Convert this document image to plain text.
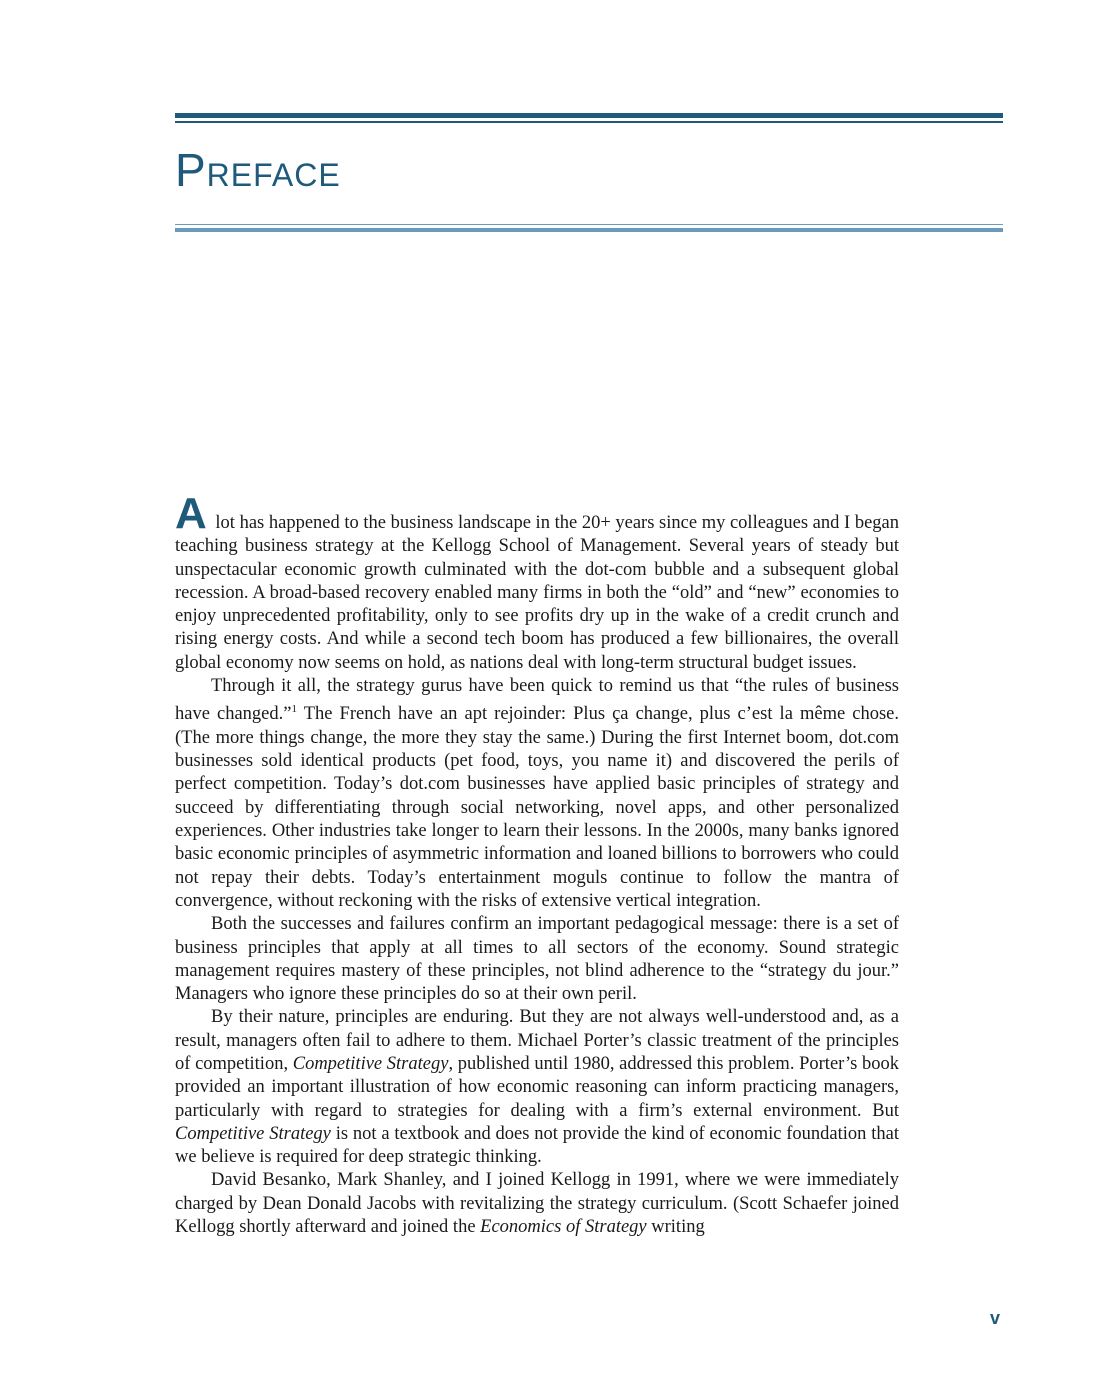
Preface

A lot has happened to the business landscape in the 20+ years since my colleagues and I began teaching business strategy at the Kellogg School of Management. Several years of steady but unspectacular economic growth culminated with the dot-com bubble and a subsequent global recession. A broad-based recovery enabled many firms in both the “old” and “new” economies to enjoy unprecedented profitability, only to see profits dry up in the wake of a credit crunch and rising energy costs. And while a second tech boom has produced a few billionaires, the overall global economy now seems on hold, as nations deal with long-term structural budget issues.

Through it all, the strategy gurus have been quick to remind us that “the rules of business have changed.”$^1$ The French have an apt rejoinder: Plus ça change, plus c’est la même chose. (The more things change, the more they stay the same.) During the first Internet boom, dot.com businesses sold identical products (pet food, toys, you name it) and discovered the perils of perfect competition. Today’s dot.com businesses have applied basic principles of strategy and succeed by differentiating through social networking, novel apps, and other personalized experiences. Other industries take longer to learn their lessons. In the 2000s, many banks ignored basic economic principles of asymmetric information and loaned billions to borrowers who could not repay their debts. Today’s entertainment moguls continue to follow the mantra of convergence, without reckoning with the risks of extensive vertical integration.

Both the successes and failures confirm an important pedagogical message: there is a set of business principles that apply at all times to all sectors of the economy. Sound strategic management requires mastery of these principles, not blind adherence to the “strategy du jour.” Managers who ignore these principles do so at their own peril.

By their nature, principles are enduring. But they are not always well-understood and, as a result, managers often fail to adhere to them. Michael Porter’s classic treatment of the principles of competition, Competitive Strategy, published until 1980, addressed this problem. Porter’s book provided an important illustration of how economic reasoning can inform practicing managers, particularly with regard to strategies for dealing with a firm’s external environment. But Competitive Strategy is not a textbook and does not provide the kind of economic foundation that we believe is required for deep strategic thinking.

David Besanko, Mark Shanley, and I joined Kellogg in 1991, where we were immediately charged by Dean Donald Jacobs with revitalizing the strategy curriculum. (Scott Schaefer joined Kellogg shortly afterward and joined the Economics of Strategy writing

v
